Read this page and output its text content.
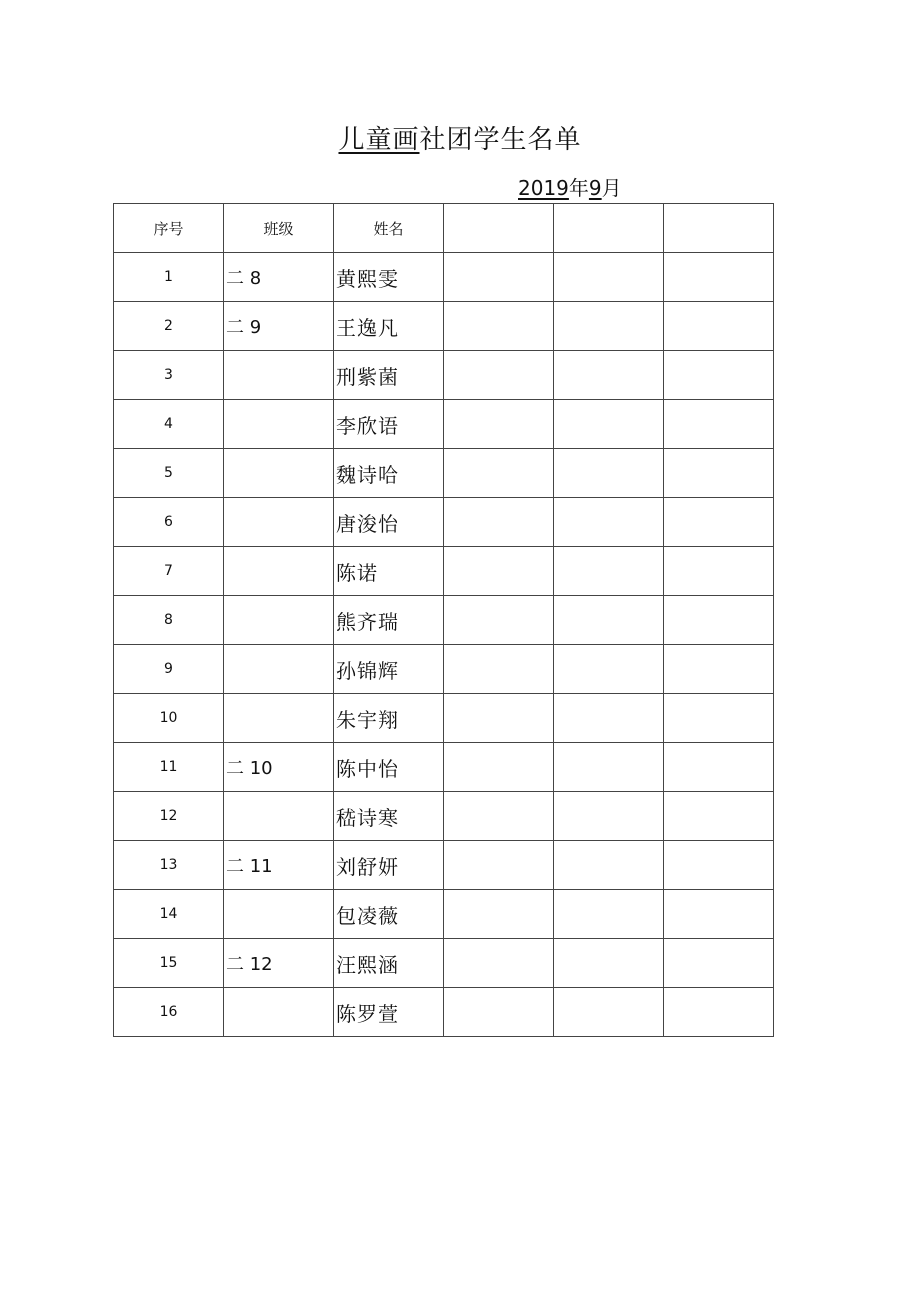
儿童画社团学生名单
2019年9月
序号	班级	姓名			
1	二 8	黄熙雯			
2	二 9	王逸凡			
3		刑紫菌			
4		李欣语			
5		魏诗哈			
6		唐浚怡			
7		陈诺			
8		熊齐瑞			
9		孙锦辉			
10		朱宇翔			
11	二 10	陈中怡			
12		嵇诗寒			
13	二 11	刘舒妍			
14		包凌薇			
15	二 12	汪熙涵			
16		陈罗萱			
